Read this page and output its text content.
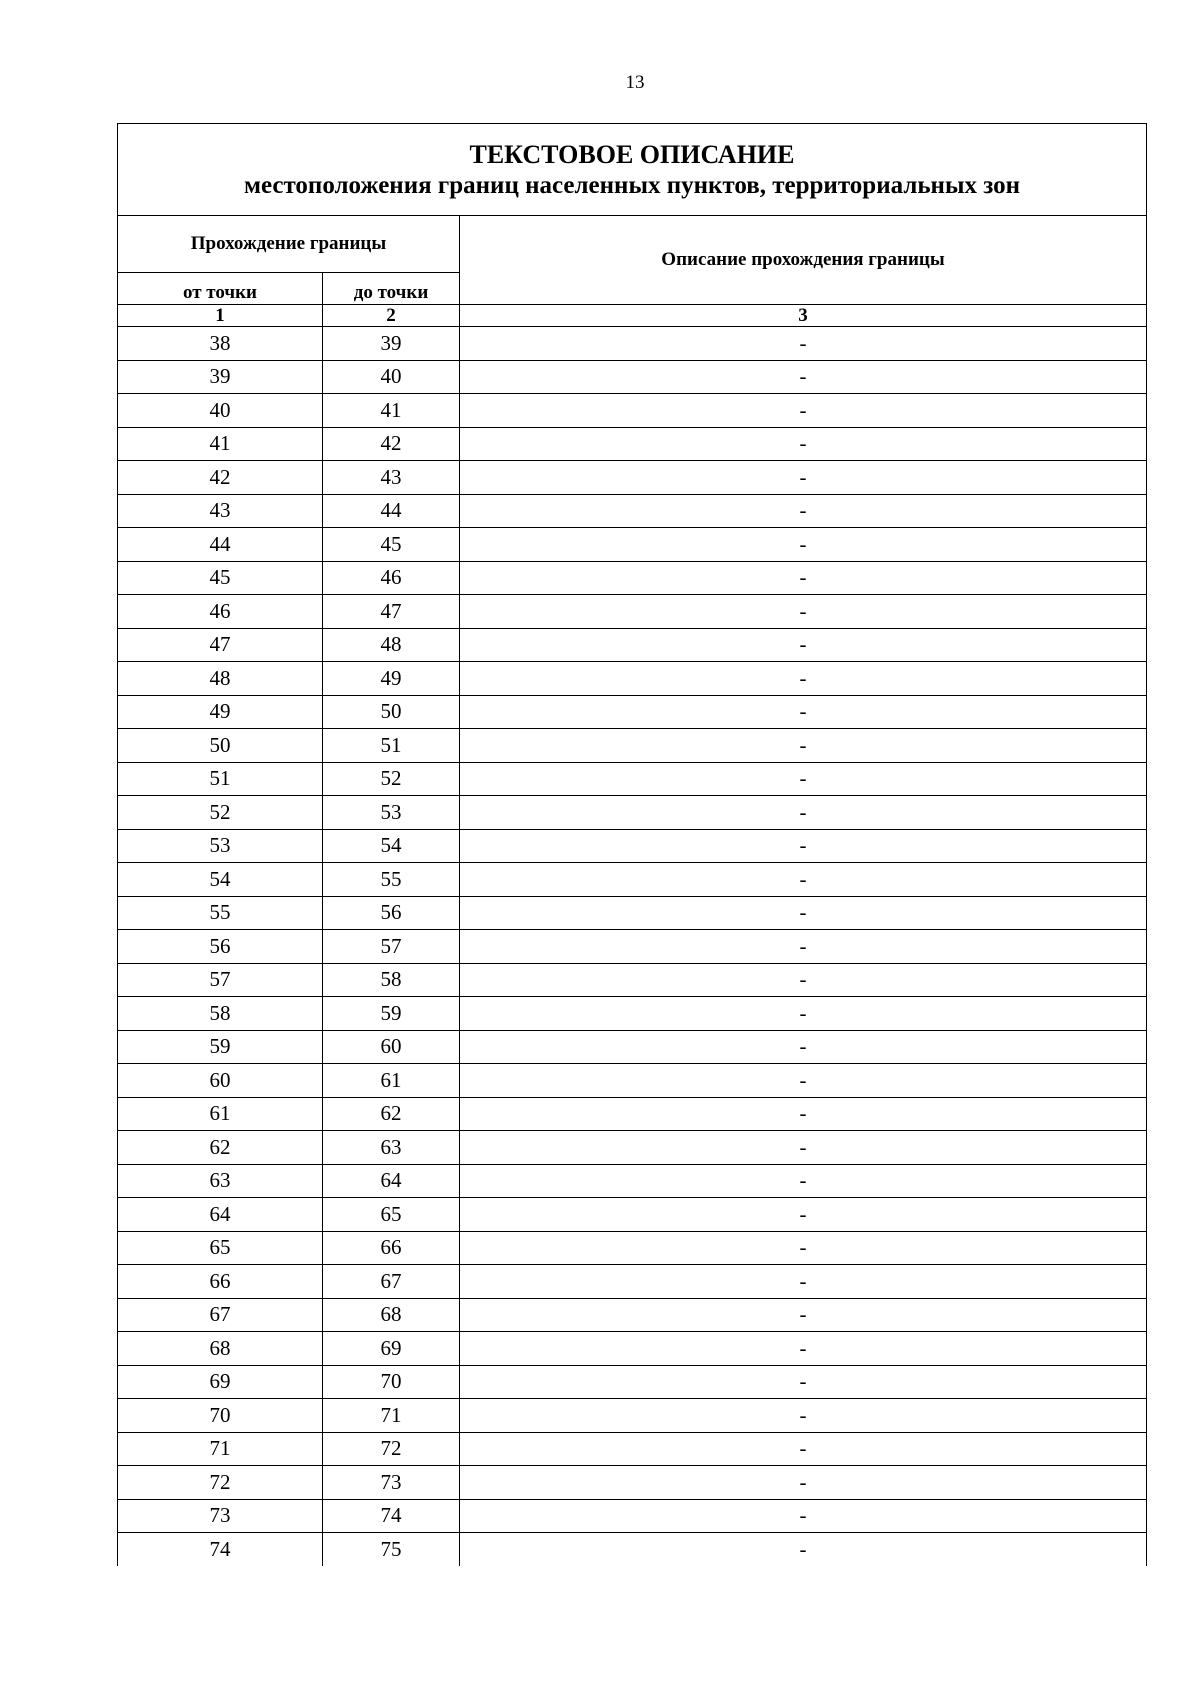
13
ТЕКСТОВОЕ ОПИСАНИЕ
местоположения границ населенных пунктов, территориальных зон		

Прохождение границы		Описание прохождения границы
от точки	до точки	
1	2	3
38	39	-
39	40	-
40	41	-
41	42	-
42	43	-
43	44	-
44	45	-
45	46	-
46	47	-
47	48	-
48	49	-
49	50	-
50	51	-
51	52	-
52	53	-
53	54	-
54	55	-
55	56	-
56	57	-
57	58	-
58	59	-
59	60	-
60	61	-
61	62	-
62	63	-
63	64	-
64	65	-
65	66	-
66	67	-
67	68	-
68	69	-
69	70	-
70	71	-
71	72	-
72	73	-
73	74	-
74	75	-
